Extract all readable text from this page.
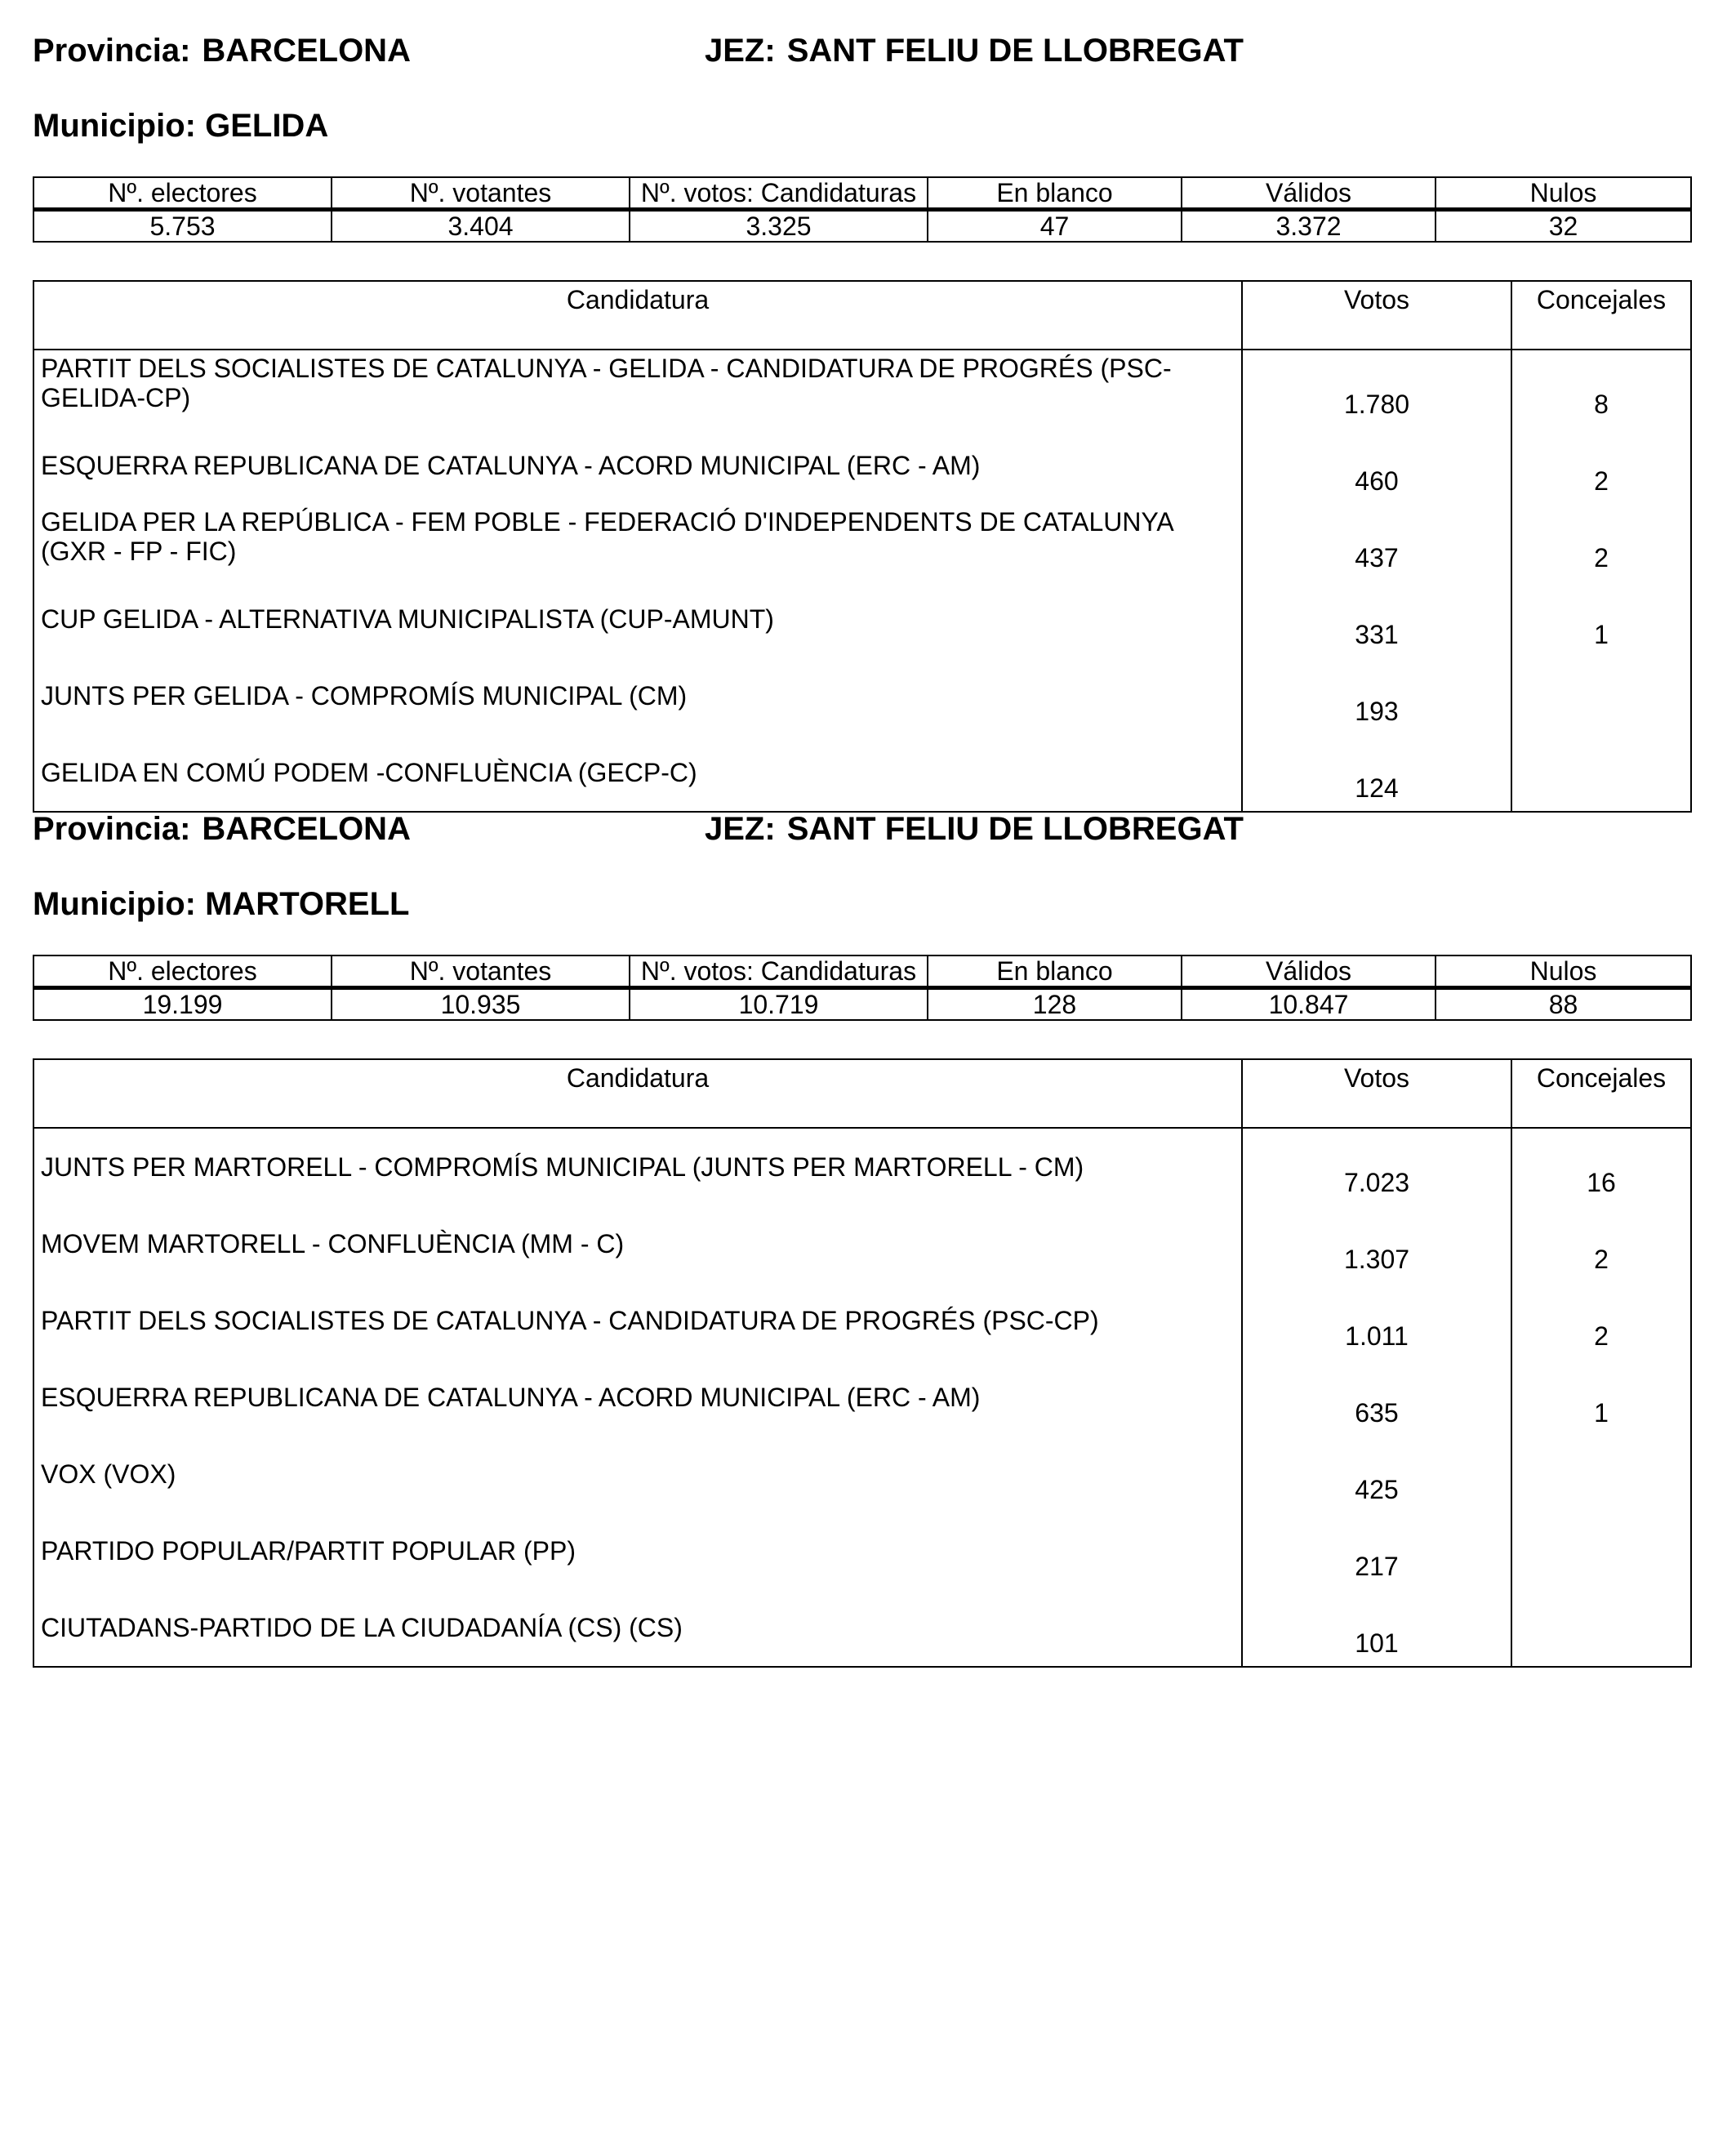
Provincia: BARCELONA	JEZ: SANT FELIU DE LLOBREGAT
Municipio: GELIDA
Nº. electores	Nº. votantes	Nº. votos: Candidaturas	En blanco	Válidos	Nulos
5.753	3.404	3.325	47	3.372	32
Candidatura	Votos	Concejales

PARTIT DELS SOCIALISTES DE CATALUNYA - GELIDA - CANDIDATURA DE PROGRÉS (PSC-
GELIDA-CP)	1.780	8
ESQUERRA REPUBLICANA DE CATALUNYA - ACORD MUNICIPAL (ERC - AM)	460	2

GELIDA PER LA REPÚBLICA - FEM POBLE - FEDERACIÓ D'INDEPENDENTS DE CATALUNYA
(GXR - FP - FIC)	437	2
CUP GELIDA - ALTERNATIVA MUNICIPALISTA (CUP-AMUNT)	331	1
JUNTS PER GELIDA - COMPROMÍS MUNICIPAL (CM)	193	
GELIDA EN COMÚ PODEM -CONFLUÈNCIA (GECP-C)	124	
Provincia: BARCELONA	JEZ: SANT FELIU DE LLOBREGAT
Municipio: MARTORELL
Nº. electores	Nº. votantes	Nº. votos: Candidaturas	En blanco	Válidos	Nulos
19.199	10.935	10.719	128	10.847	88
Candidatura	Votos	Concejales
JUNTS PER MARTORELL - COMPROMÍS MUNICIPAL (JUNTS PER MARTORELL - CM)	7.023	16
MOVEM MARTORELL - CONFLUÈNCIA (MM - C)	1.307	2
PARTIT DELS SOCIALISTES DE CATALUNYA - CANDIDATURA DE PROGRÉS (PSC-CP)	1.011	2
ESQUERRA REPUBLICANA DE CATALUNYA - ACORD MUNICIPAL (ERC - AM)	635	1
VOX (VOX)	425	
PARTIDO POPULAR/PARTIT POPULAR (PP)	217	
CIUTADANS-PARTIDO DE LA CIUDADANÍA (CS) (CS)	101	
